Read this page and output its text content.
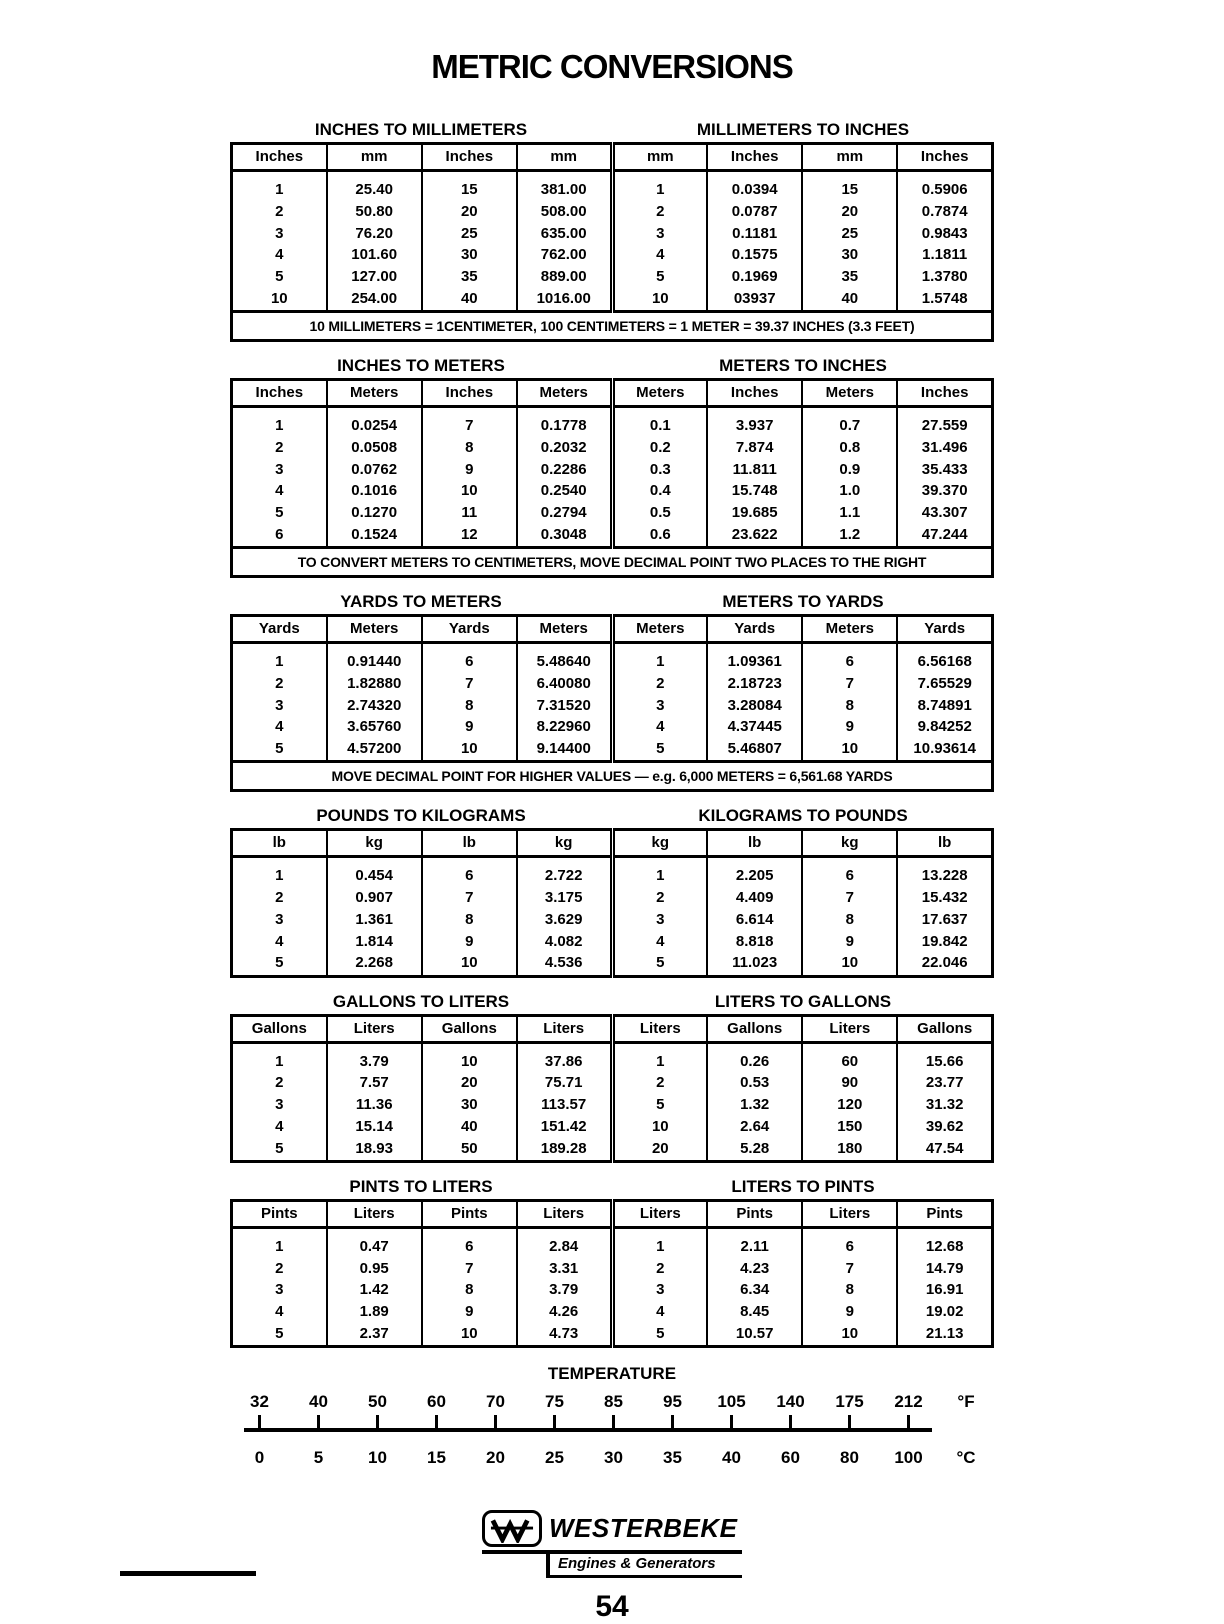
METRIC CONVERSIONS
INCHES TO MILLIMETERS	MILLIMETERS TO INCHES
Inches	mm	Inches	mm	mm	Inches	mm	Inches
1	25.40	15	381.00	1	0.0394	15	0.5906
2	50.80	20	508.00	2	0.0787	20	0.7874
3	76.20	25	635.00	3	0.1181	25	0.9843
4	101.60	30	762.00	4	0.1575	30	1.1811
5	127.00	35	889.00	5	0.1969	35	1.3780
10	254.00	40	1016.00	10	03937	40	1.5748
10 MILLIMETERS = 1CENTIMETER, 100 CENTIMETERS = 1 METER = 39.37 INCHES (3.3 FEET)
INCHES TO METERS	METERS TO INCHES
Inches	Meters	Inches	Meters	Meters	Inches	Meters	Inches
1	0.0254	7	0.1778	0.1	3.937	0.7	27.559
2	0.0508	8	0.2032	0.2	7.874	0.8	31.496
3	0.0762	9	0.2286	0.3	11.811	0.9	35.433
4	0.1016	10	0.2540	0.4	15.748	1.0	39.370
5	0.1270	11	0.2794	0.5	19.685	1.1	43.307
6	0.1524	12	0.3048	0.6	23.622	1.2	47.244
TO CONVERT METERS TO CENTIMETERS, MOVE DECIMAL POINT TWO PLACES TO THE RIGHT
YARDS TO METERS	METERS TO YARDS
Yards	Meters	Yards	Meters	Meters	Yards	Meters	Yards
1	0.91440	6	5.48640	1	1.09361	6	6.56168
2	1.82880	7	6.40080	2	2.18723	7	7.65529
3	2.74320	8	7.31520	3	3.28084	8	8.74891
4	3.65760	9	8.22960	4	4.37445	9	9.84252
5	4.57200	10	9.14400	5	5.46807	10	10.93614
MOVE DECIMAL POINT FOR HIGHER VALUES — e.g. 6,000 METERS = 6,561.68 YARDS
POUNDS TO KILOGRAMS	KILOGRAMS TO POUNDS
lb	kg	lb	kg	kg	lb	kg	lb
1	0.454	6	2.722	1	2.205	6	13.228
2	0.907	7	3.175	2	4.409	7	15.432
3	1.361	8	3.629	3	6.614	8	17.637
4	1.814	9	4.082	4	8.818	9	19.842
5	2.268	10	4.536	5	11.023	10	22.046
GALLONS TO LITERS	LITERS TO GALLONS
Gallons	Liters	Gallons	Liters	Liters	Gallons	Liters	Gallons
1	3.79	10	37.86	1	0.26	60	15.66
2	7.57	20	75.71	2	0.53	90	23.77
3	11.36	30	113.57	5	1.32	120	31.32
4	15.14	40	151.42	10	2.64	150	39.62
5	18.93	50	189.28	20	5.28	180	47.54
PINTS TO LITERS	LITERS TO PINTS
Pints	Liters	Pints	Liters	Liters	Pints	Liters	Pints
1	0.47	6	2.84	1	2.11	6	12.68
2	0.95	7	3.31	2	4.23	7	14.79
3	1.42	8	3.79	3	6.34	8	16.91
4	1.89	9	4.26	4	8.45	9	19.02
5	2.37	10	4.73	5	10.57	10	21.13
TEMPERATURE
32	40	50	60	70	75	85	95	105	140	175	212	°F
0	5	10	15	20	25	30	35	40	60	80	100	°C
WESTERBEKE
Engines & Generators
54
